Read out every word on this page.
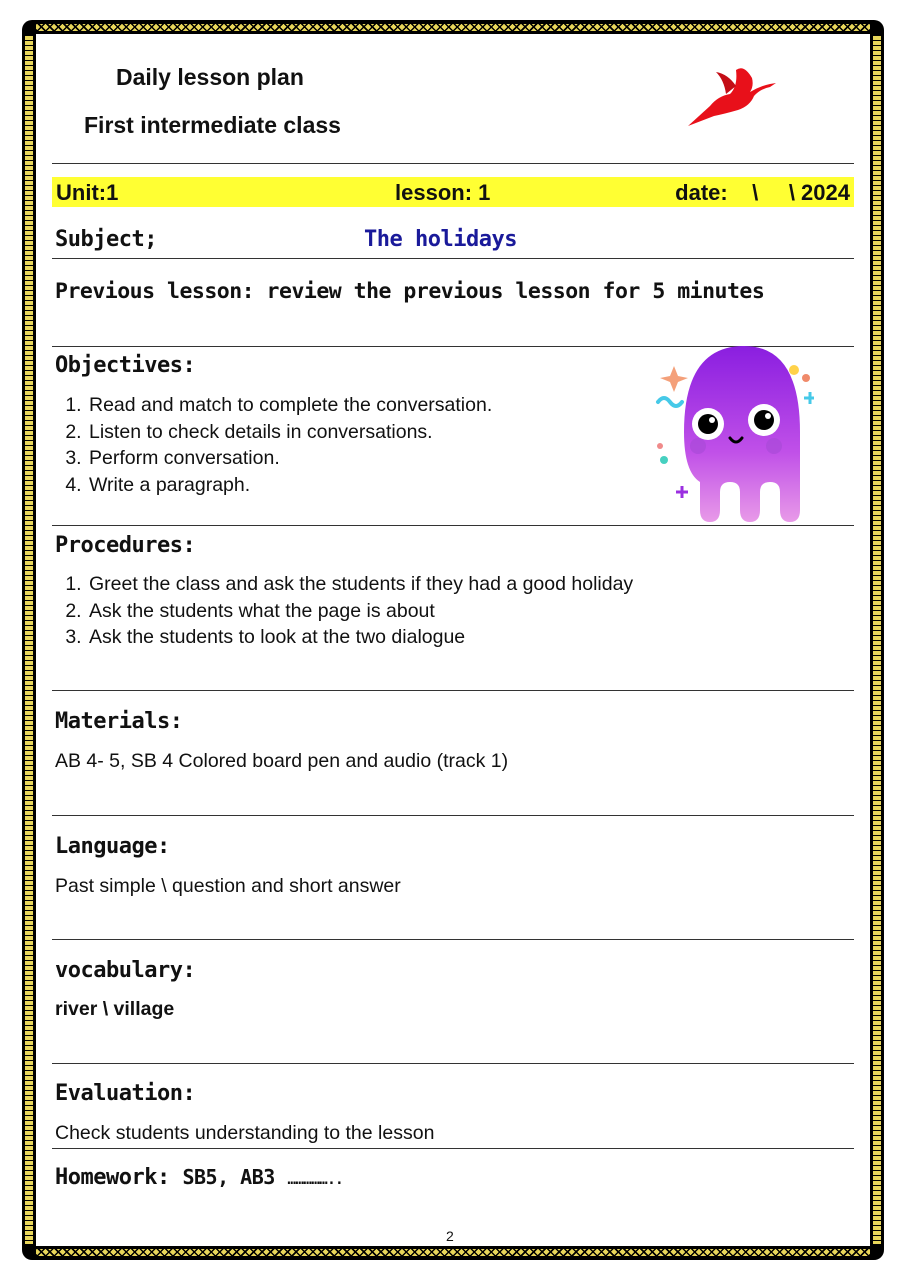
Daily lesson plan
First intermediate class
Unit:1	lesson: 1	date:    \     \ 2024
Subject;	The holidays
Previous lesson: review the previous lesson for 5 minutes
Objectives:
1. Read and match to complete the conversation.
2. Listen to check details in conversations.
3. Perform conversation.
4. Write a paragraph.
Procedures:
1. Greet the class and ask the students if they had a good holiday
2. Ask the students what the page is about
3. Ask the students to look at the two dialogue
Materials:
AB 4- 5, SB 4 Colored board pen and audio (track 1)
Language:
Past simple \ question and short answer
vocabulary:
river \ village
Evaluation:
Check students understanding to the lesson
Homework: SB5, AB3 ……………..
2
